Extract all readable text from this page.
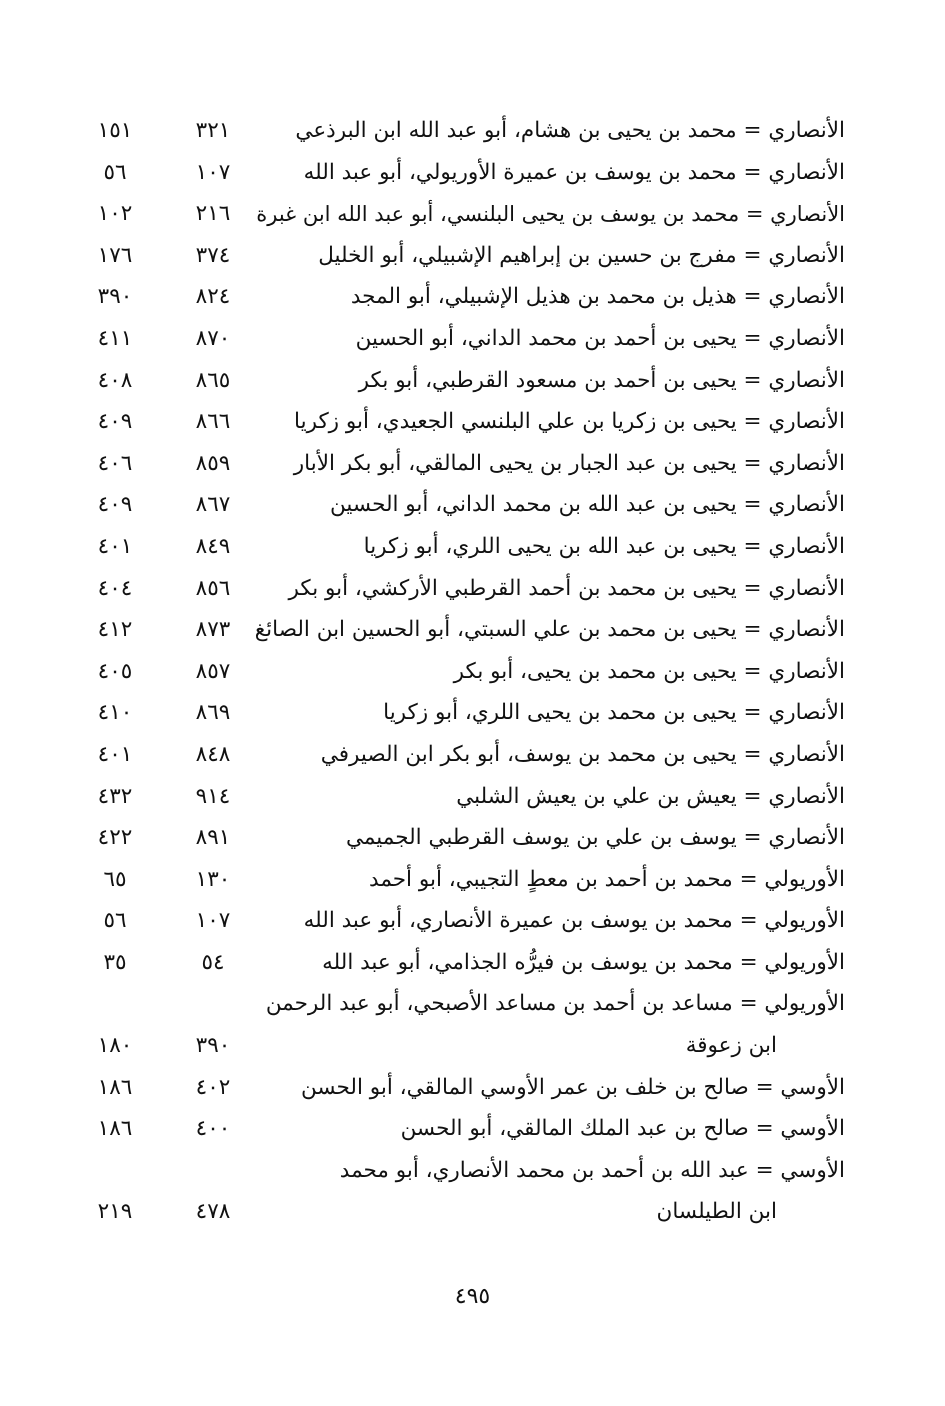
الأنصاري = محمد بن يحيى بن هشام، أبو عبد الله ابن البرذعي
٣٢١
١٥١
الأنصاري = محمد بن يوسف بن عميرة الأوريولي، أبو عبد الله
١٠٧
٥٦
الأنصاري = محمد بن يوسف بن يحيى البلنسي، أبو عبد الله ابن غبرة
٢١٦
١٠٢
الأنصاري = مفرج بن حسين بن إبراهيم الإشبيلي، أبو الخليل
٣٧٤
١٧٦
الأنصاري = هذيل بن محمد بن هذيل الإشبيلي، أبو المجد
٨٢٤
٣٩٠
الأنصاري = يحيى بن أحمد بن محمد الداني، أبو الحسين
٨٧٠
٤١١
الأنصاري = يحيى بن أحمد بن مسعود القرطبي، أبو بكر
٨٦٥
٤٠٨
الأنصاري = يحيى بن زكريا بن علي البلنسي الجعيدي، أبو زكريا
٨٦٦
٤٠٩
الأنصاري = يحيى بن عبد الجبار بن يحيى المالقي، أبو بكر الأبار
٨٥٩
٤٠٦
الأنصاري = يحيى بن عبد الله بن محمد الداني، أبو الحسين
٨٦٧
٤٠٩
الأنصاري = يحيى بن عبد الله بن يحيى اللري، أبو زكريا
٨٤٩
٤٠١
الأنصاري = يحيى بن محمد بن أحمد القرطبي الأركشي، أبو بكر
٨٥٦
٤٠٤
الأنصاري = يحيى بن محمد بن علي السبتي، أبو الحسين ابن الصائغ
٨٧٣
٤١٢
الأنصاري = يحيى بن محمد بن يحيى، أبو بكر
٨٥٧
٤٠٥
الأنصاري = يحيى بن محمد بن يحيى اللري، أبو زكريا
٨٦٩
٤١٠
الأنصاري = يحيى بن محمد بن يوسف، أبو بكر ابن الصيرفي
٨٤٨
٤٠١
الأنصاري = يعيش بن علي بن يعيش الشلبي
٩١٤
٤٣٢
الأنصاري = يوسف بن علي بن يوسف القرطبي الجميمي
٨٩١
٤٢٢
الأوريولي = محمد بن أحمد بن معطٍ التجيبي، أبو أحمد
١٣٠
٦٥
الأوريولي = محمد بن يوسف بن عميرة الأنصاري، أبو عبد الله
١٠٧
٥٦
الأوريولي = محمد بن يوسف بن فيرُّه الجذامي، أبو عبد الله
٥٤
٣٥
الأوريولي = مساعد بن أحمد بن مساعد الأصبحي، أبو عبد الرحمن
ابن زعوقة
٣٩٠
١٨٠
الأوسي = صالح بن خلف بن عمر الأوسي المالقي، أبو الحسن
٤٠٢
١٨٦
الأوسي = صالح بن عبد الملك المالقي، أبو الحسن
٤٠٠
١٨٦
الأوسي = عبد الله بن أحمد بن محمد الأنصاري، أبو محمد
ابن الطيلسان
٤٧٨
٢١٩
٤٩٥
